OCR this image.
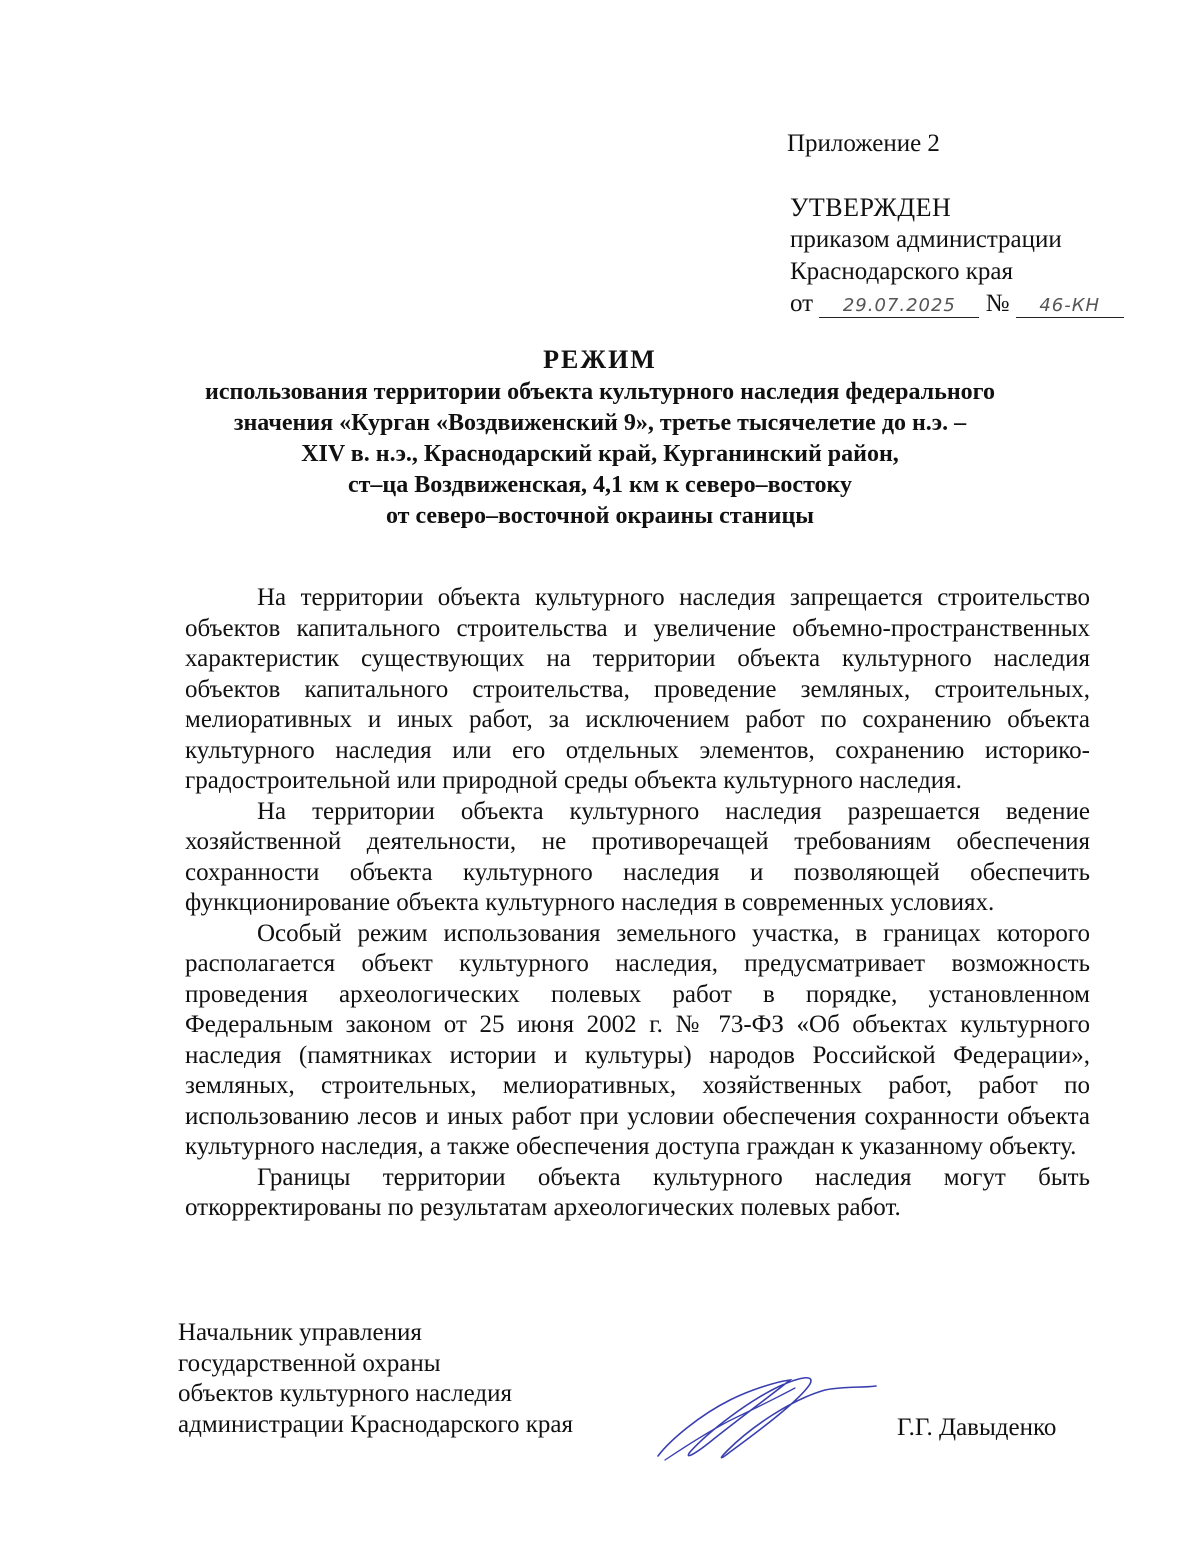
Приложение 2
УТВЕРЖДЕН
приказом администрации
Краснодарского края
от 29.07.2025 № 46-КН
РЕЖИМ
использования территории объекта культурного наследия федерального
значения «Курган «Воздвиженский 9», третье тысячелетие до н.э. –
XIV в. н.э., Краснодарский край, Курганинский район,
ст–ца Воздвиженская, 4,1 км к северо–востоку
от северо–восточной окраины станицы

На территории объекта культурного наследия запрещается строительство объектов капитального строительства и увеличение объемно-пространственных характеристик существующих на территории объекта культурного наследия объектов капитального строительства, проведение земляных, строительных, мелиоративных и иных работ, за исключением работ по сохранению объекта культурного наследия или его отдельных элементов, сохранению историко-градостроительной или природной среды объекта культурного наследия.

На территории объекта культурного наследия разрешается ведение хозяйственной деятельности, не противоречащей требованиям обеспечения сохранности объекта культурного наследия и позволяющей обеспечить функционирование объекта культурного наследия в современных условиях.

Особый режим использования земельного участка, в границах которого располагается объект культурного наследия, предусматривает возможность проведения археологических полевых работ в порядке, установленном Федеральным законом от 25 июня 2002 г. № 73-ФЗ «Об объектах культурного наследия (памятниках истории и культуры) народов Российской Федерации», земляных, строительных, мелиоративных, хозяйственных работ, работ по использованию лесов и иных работ при условии обеспечения сохранности объекта культурного наследия, а также обеспечения доступа граждан к указанному объекту.

Границы территории объекта культурного наследия могут быть откорректированы по результатам археологических полевых работ.

Начальник управления
государственной охраны
объектов культурного наследия
администрации Краснодарского края	Г.Г. Давыденко
